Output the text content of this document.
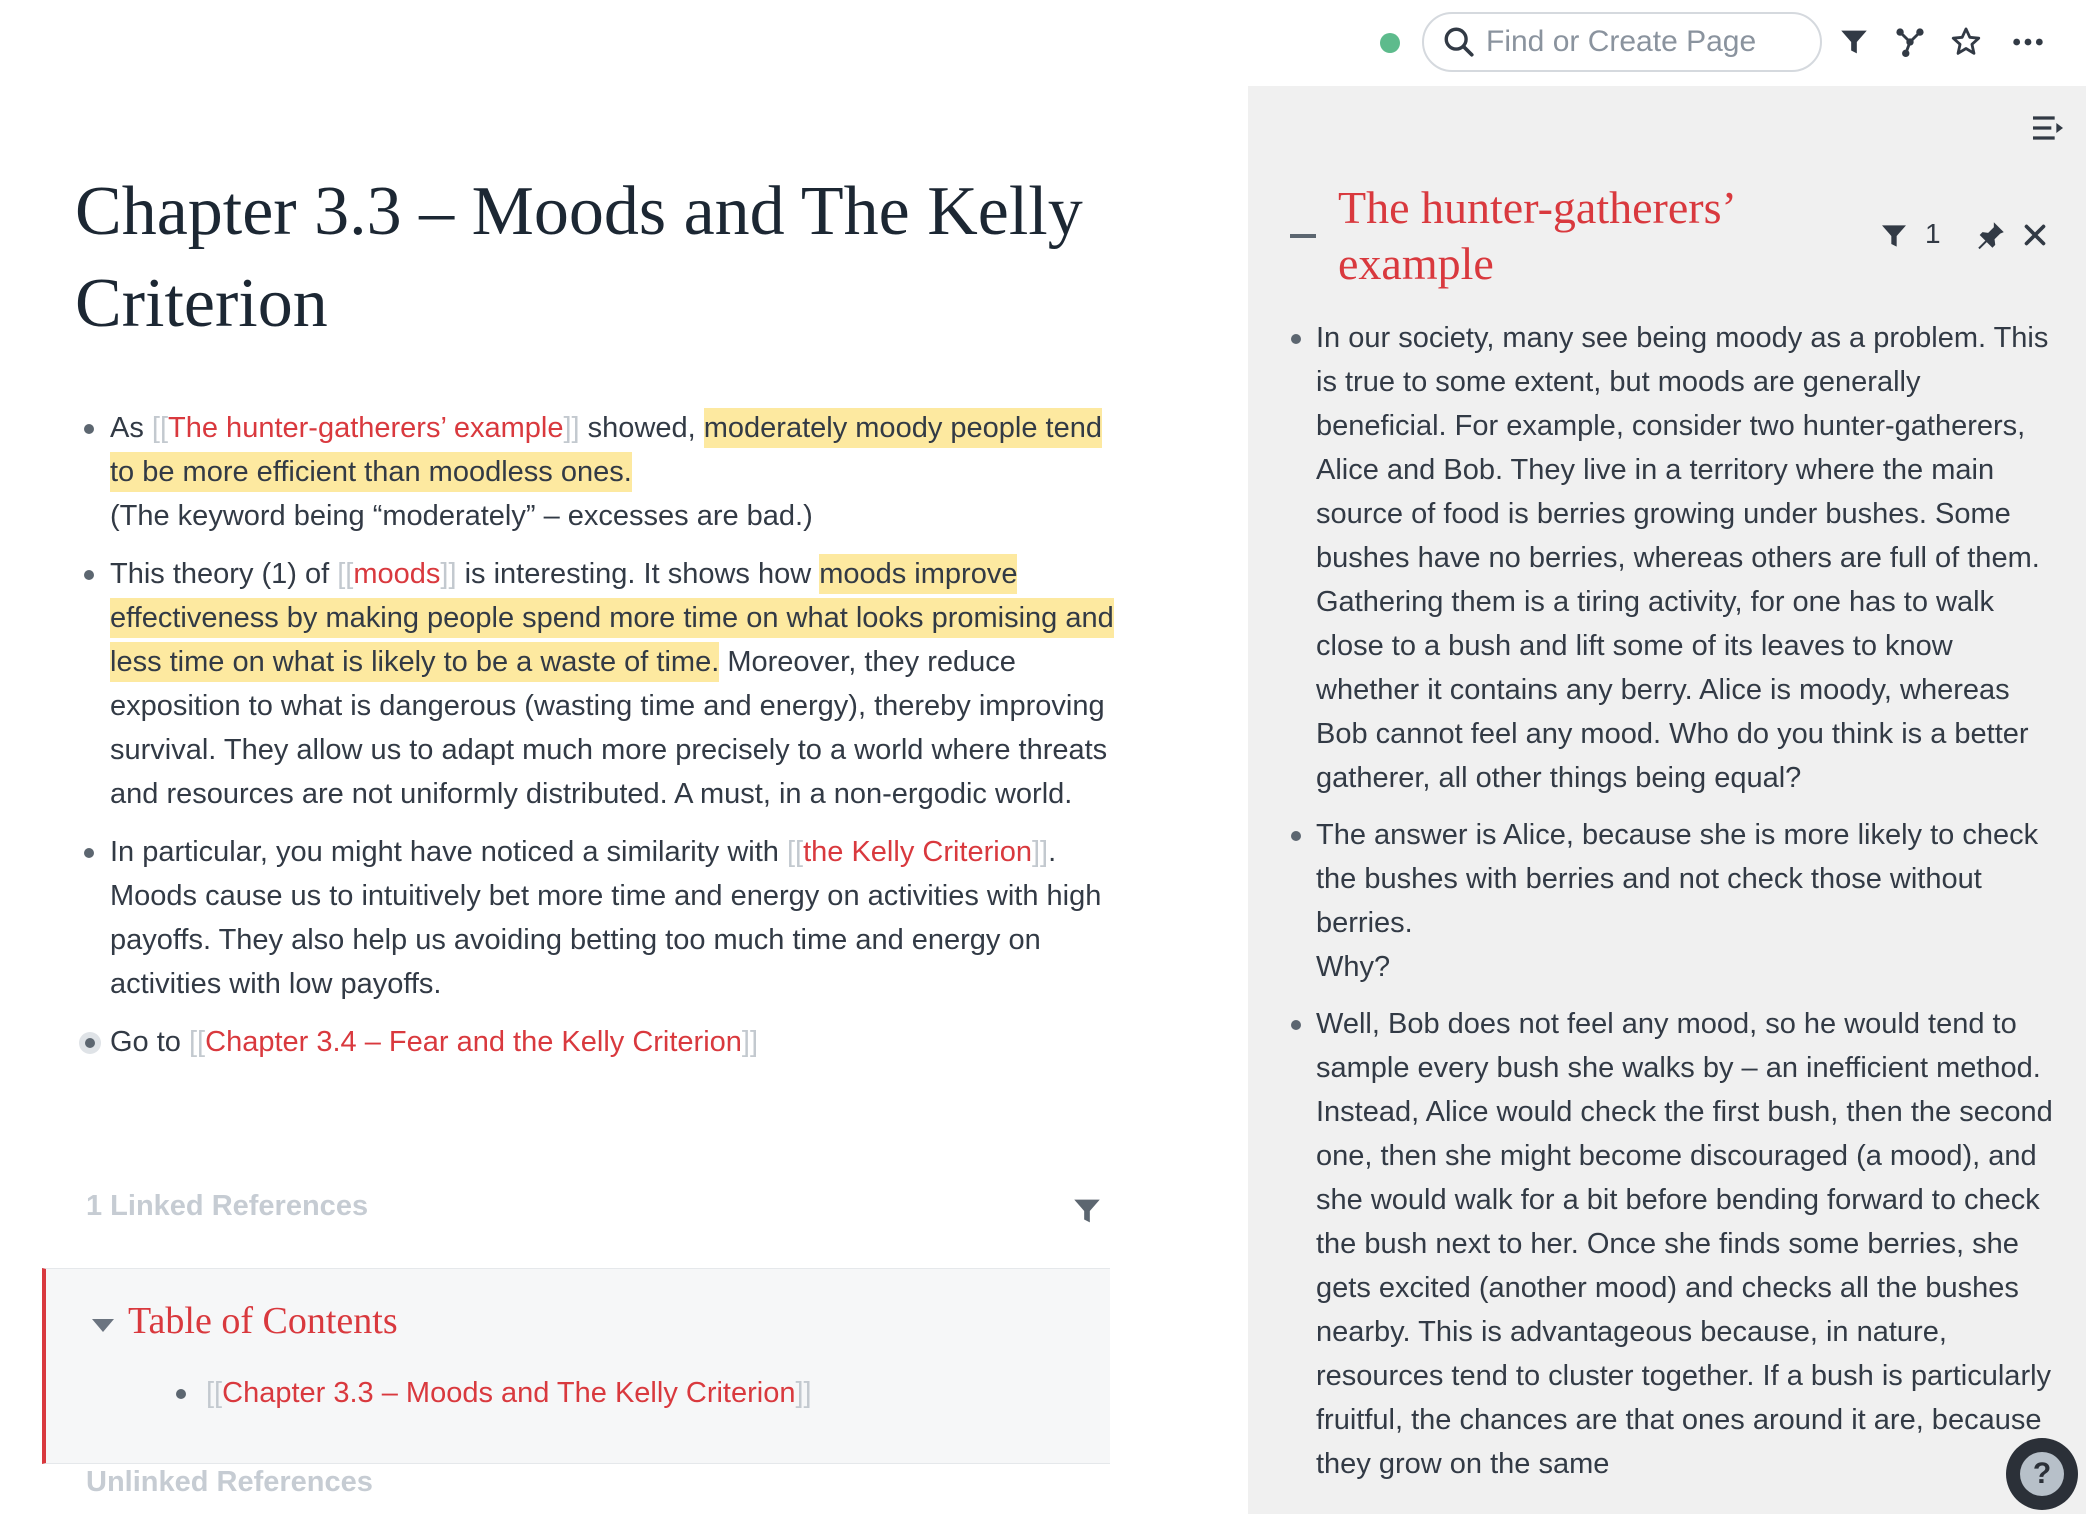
Find or Create Page
Chapter 3.3 – Moods and The Kelly Criterion
As [[The hunter-gatherers’ example]] showed, moderately moody people tend to be more efficient than moodless ones.
(The keyword being “moderately” – excesses are bad.)
This theory (1) of [[moods]] is interesting. It shows how moods improve effectiveness by making people spend more time on what looks promising and less time on what is likely to be a waste of time. Moreover, they reduce exposition to what is dangerous (wasting time and energy), thereby improving survival. They allow us to adapt much more precisely to a world where threats and resources are not uniformly distributed. A must, in a non-ergodic world.
In particular, you might have noticed a similarity with [[the Kelly Criterion]]. Moods cause us to intuitively bet more time and energy on activities with high payoffs. They also help us avoiding betting too much time and energy on activities with low payoffs.
Go to [[Chapter 3.4 – Fear and the Kelly Criterion]]
1 Linked References
Table of Contents
[[Chapter 3.3 – Moods and The Kelly Criterion]]
Unlinked References
The hunter-gatherers’ example
1
In our society, many see being moody as a problem. This is true to some extent, but moods are generally beneficial. For example, consider two hunter-gatherers, Alice and Bob. They live in a territory where the main source of food is berries growing under bushes. Some bushes have no berries, whereas others are full of them. Gathering them is a tiring activity, for one has to walk close to a bush and lift some of its leaves to know whether it contains any berry. Alice is moody, whereas Bob cannot feel any mood. Who do you think is a better gatherer, all other things being equal?
The answer is Alice, because she is more likely to check the bushes with berries and not check those without berries.
Why?
Well, Bob does not feel any mood, so he would tend to sample every bush she walks by – an inefficient method. Instead, Alice would check the first bush, then the second one, then she might become discouraged (a mood), and she would walk for a bit before bending forward to check the bush next to her. Once she finds some berries, she gets excited (another mood) and checks all the bushes nearby. This is advantageous because, in nature, resources tend to cluster together. If a bush is particularly fruitful, the chances are that ones around it are, because they grow on the same	?
